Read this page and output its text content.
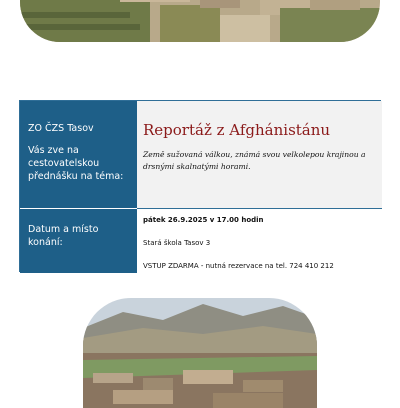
ZO ČZS Tasov
Vás zve na cestovatelskou přednášku na téma:
Reportáž z Afghánistánu
Země sužovaná válkou, známá svou velkolepou krajinou a drsnými skalnatými horami.
Datum a místo konání:
pátek 26.9.2025 v 17.00 hodin
Stará škola Tasov 3
VSTUP ZDARMA - nutná rezervace na tel. 724 410 212
